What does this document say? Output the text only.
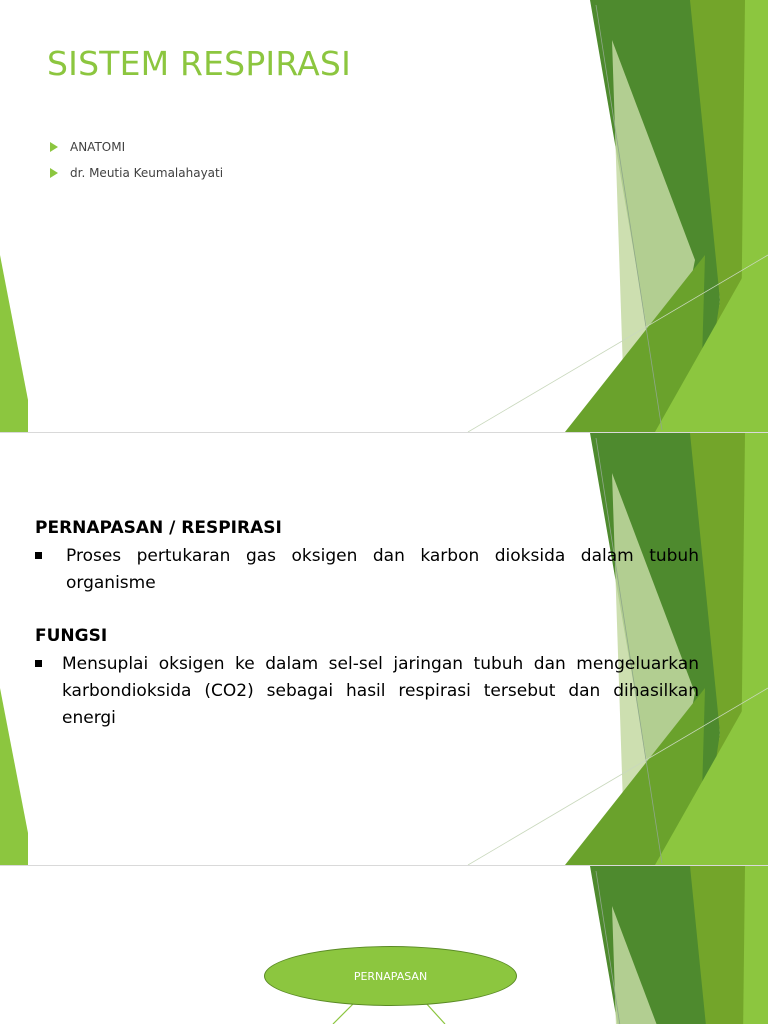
SISTEM RESPIRASI
ANATOMI
dr. Meutia Keumalahayati
PERNAPASAN / RESPIRASI
Proses pertukaran gas oksigen dan karbon dioksida dalam tubuh organisme
FUNGSI
Mensuplai oksigen ke dalam sel-sel jaringan tubuh dan mengeluarkan karbondioksida (CO2) sebagai hasil respirasi tersebut dan dihasilkan energi
PERNAPASAN
